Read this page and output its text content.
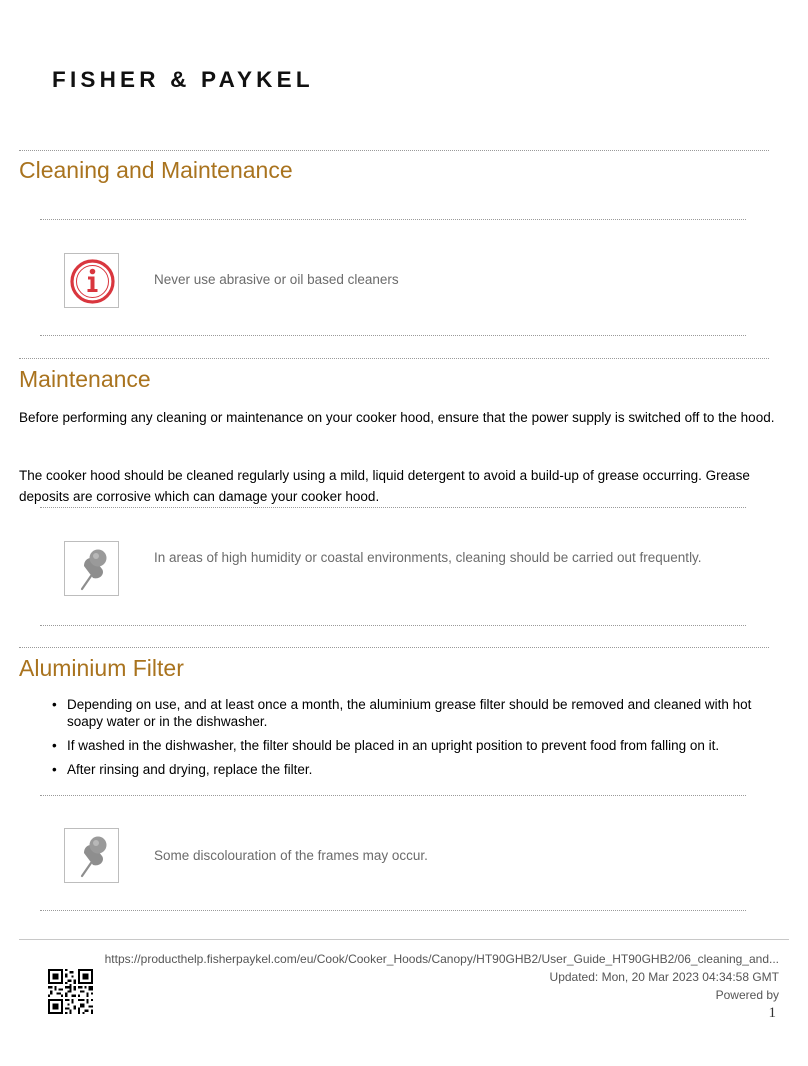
FISHER & PAYKEL
Cleaning and Maintenance
Never use abrasive or oil based cleaners
Maintenance
Before performing any cleaning or maintenance on your cooker hood, ensure that the power supply is switched off to the hood.
The cooker hood should be cleaned regularly using a mild, liquid detergent to avoid a build-up of grease occurring. Grease deposits are corrosive which can damage your cooker hood.
In areas of high humidity or coastal environments, cleaning should be carried out frequently.
Aluminium Filter
• Depending on use, and at least once a month, the aluminium grease filter should be removed and cleaned with hot soapy water or in the dishwasher.
• If washed in the dishwasher, the filter should be placed in an upright position to prevent food from falling on it.
• After rinsing and drying, replace the filter.
Some discolouration of the frames may occur.
https://producthelp.fisherpaykel.com/eu/Cook/Cooker_Hoods/Canopy/HT90GHB2/User_Guide_HT90GHB2/06_cleaning_and...
Updated: Mon, 20 Mar 2023 04:34:58 GMT
Powered by
1
